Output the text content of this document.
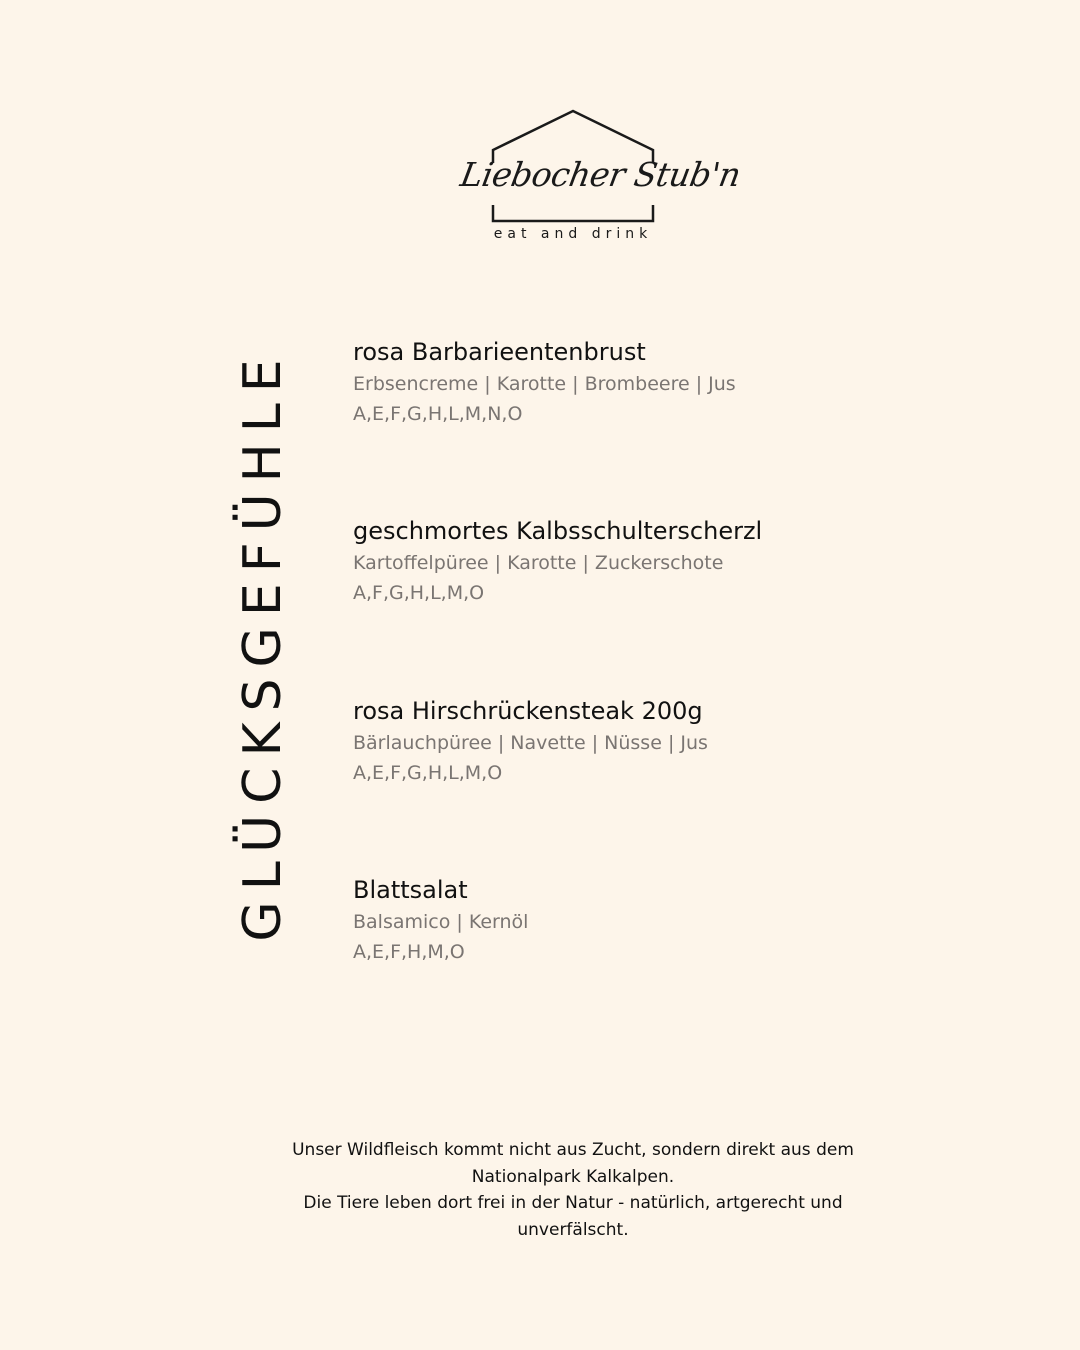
Liebocher Stub'n
eat and drink
GLÜCKSGEFÜHLE	rosa Barbarieentenbrust
Erbsencreme | Karotte | Brombeere | Jus
A,E,F,G,H,L,M,N,O
geschmortes Kalbsschulterscherzl
Kartoffelpüree | Karotte | Zuckerschote
A,F,G,H,L,M,O
rosa Hirschrückensteak 200g
Bärlauchpüree | Navette | Nüsse | Jus
A,E,F,G,H,L,M,O
Blattsalat
Balsamico | Kernöl
A,E,F,H,M,O
Unser Wildfleisch kommt nicht aus Zucht, sondern direkt aus dem Nationalpark Kalkalpen.
Die Tiere leben dort frei in der Natur - natürlich, artgerecht und unverfälscht.
